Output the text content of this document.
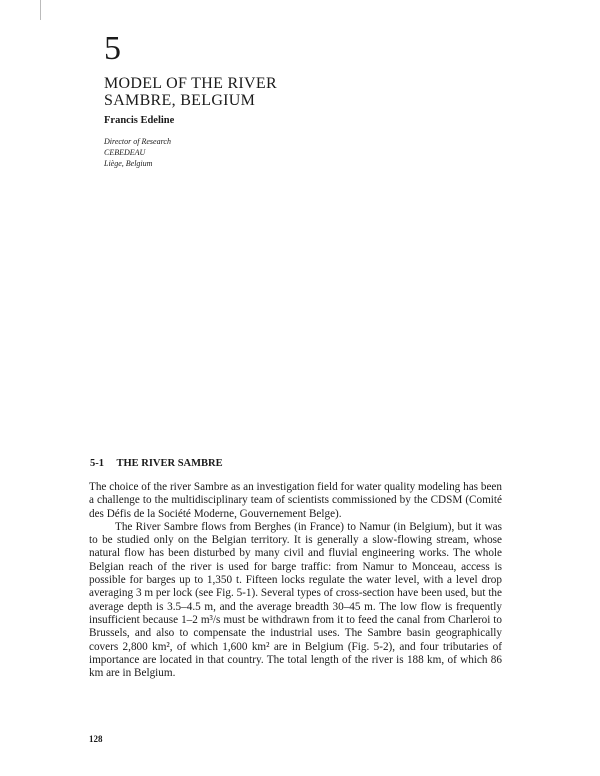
5
MODEL OF THE RIVER
SAMBRE, BELGIUM
Francis Edeline
Director of Research
CEBEDEAU
Liège, Belgium
5-1 THE RIVER SAMBRE

The choice of the river Sambre as an investigation field for water quality modeling has been a challenge to the multidisciplinary team of scientists commissioned by the CDSM (Comité des Défis de la Société Moderne, Gouvernement Belge).

The River Sambre flows from Berghes (in France) to Namur (in Belgium), but it was to be studied only on the Belgian territory. It is generally a slow-flowing stream, whose natural flow has been disturbed by many civil and fluvial engineering works. The whole Belgian reach of the river is used for barge traffic: from Namur to Monceau, access is possible for barges up to 1,350 t. Fifteen locks regulate the water level, with a level drop averaging 3 m per lock (see Fig. 5-1). Several types of cross-section have been used, but the average depth is 3.5–4.5 m, and the average breadth 30–45 m. The low flow is frequently insufficient because 1–2 m³/s must be withdrawn from it to feed the canal from Charleroi to Brussels, and also to compensate the industrial uses. The Sambre basin geographically covers 2,800 km², of which 1,600 km² are in Belgium (Fig. 5-2), and four tributaries of importance are located in that country. The total length of the river is 188 km, of which 86 km are in Belgium.

128
